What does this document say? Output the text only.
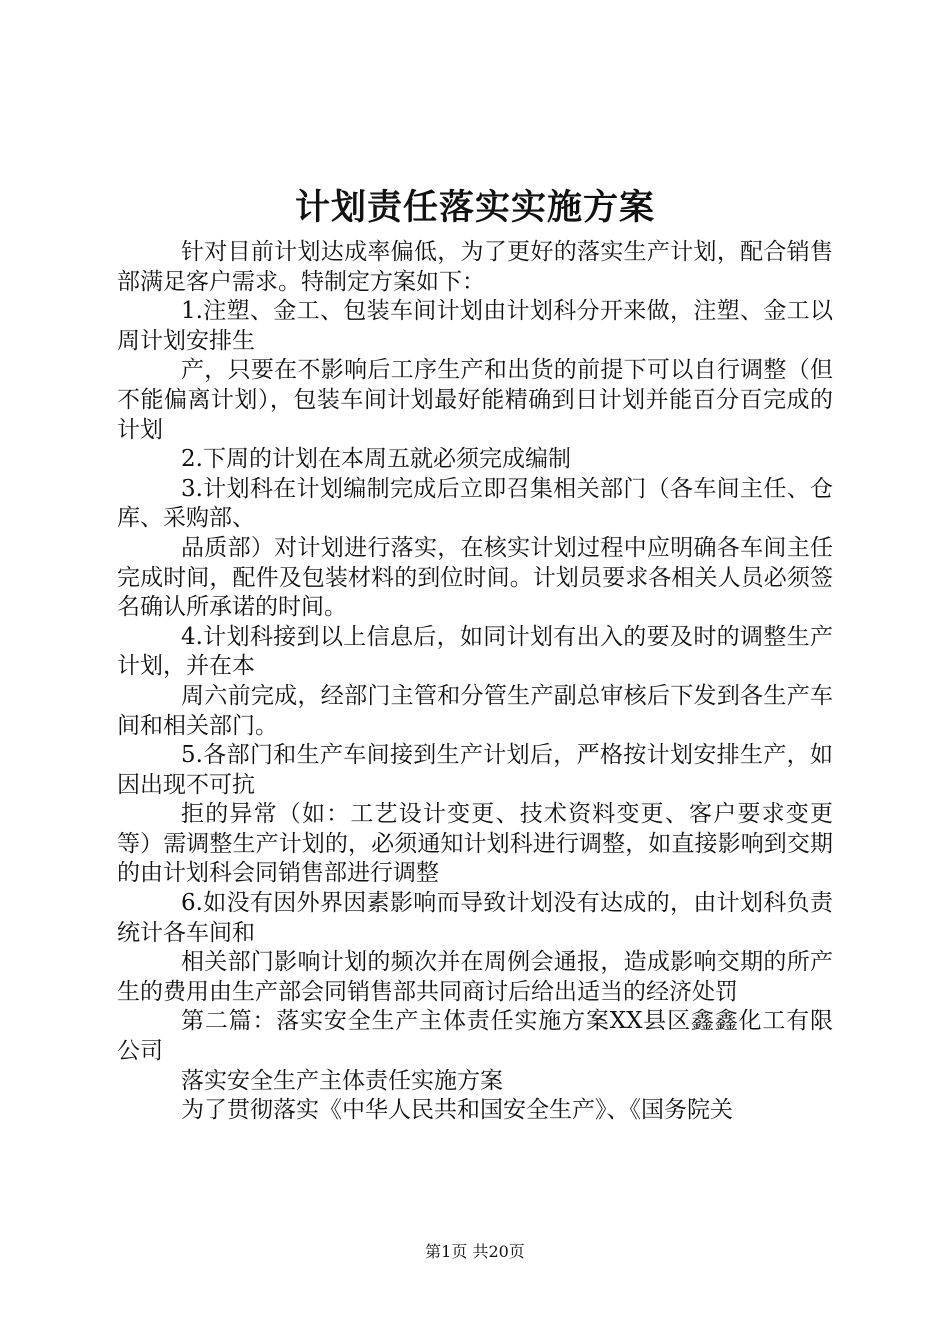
计划责任落实实施方案

针对目前计划达成率偏低，为了更好的落实生产计划，配合销售部满足客户需求。特制定方案如下：

1.注塑、金工、包装车间计划由计划科分开来做，注塑、金工以周计划安排生

产，只要在不影响后工序生产和出货的前提下可以自行调整（但不能偏离计划），包装车间计划最好能精确到日计划并能百分百完成的计划

2.下周的计划在本周五就必须完成编制

3.计划科在计划编制完成后立即召集相关部门（各车间主任、仓库、采购部、

品质部）对计划进行落实，在核实计划过程中应明确各车间主任完成时间，配件及包装材料的到位时间。计划员要求各相关人员必须签名确认所承诺的时间。

4.计划科接到以上信息后，如同计划有出入的要及时的调整生产计划，并在本

周六前完成，经部门主管和分管生产副总审核后下发到各生产车间和相关部门。

5.各部门和生产车间接到生产计划后，严格按计划安排生产，如因出现不可抗

拒的异常（如：工艺设计变更、技术资料变更、客户要求变更等）需调整生产计划的，必须通知计划科进行调整，如直接影响到交期的由计划科会同销售部进行调整

6.如没有因外界因素影响而导致计划没有达成的，由计划科负责统计各车间和

相关部门影响计划的频次并在周例会通报，造成影响交期的所产生的费用由生产部会同销售部共同商讨后给出适当的经济处罚

第二篇：落实安全生产主体责任实施方案XX县区鑫鑫化工有限公司

落实安全生产主体责任实施方案

为了贯彻落实《中华人民共和国安全生产》、《国务院关

第1页 共20页
